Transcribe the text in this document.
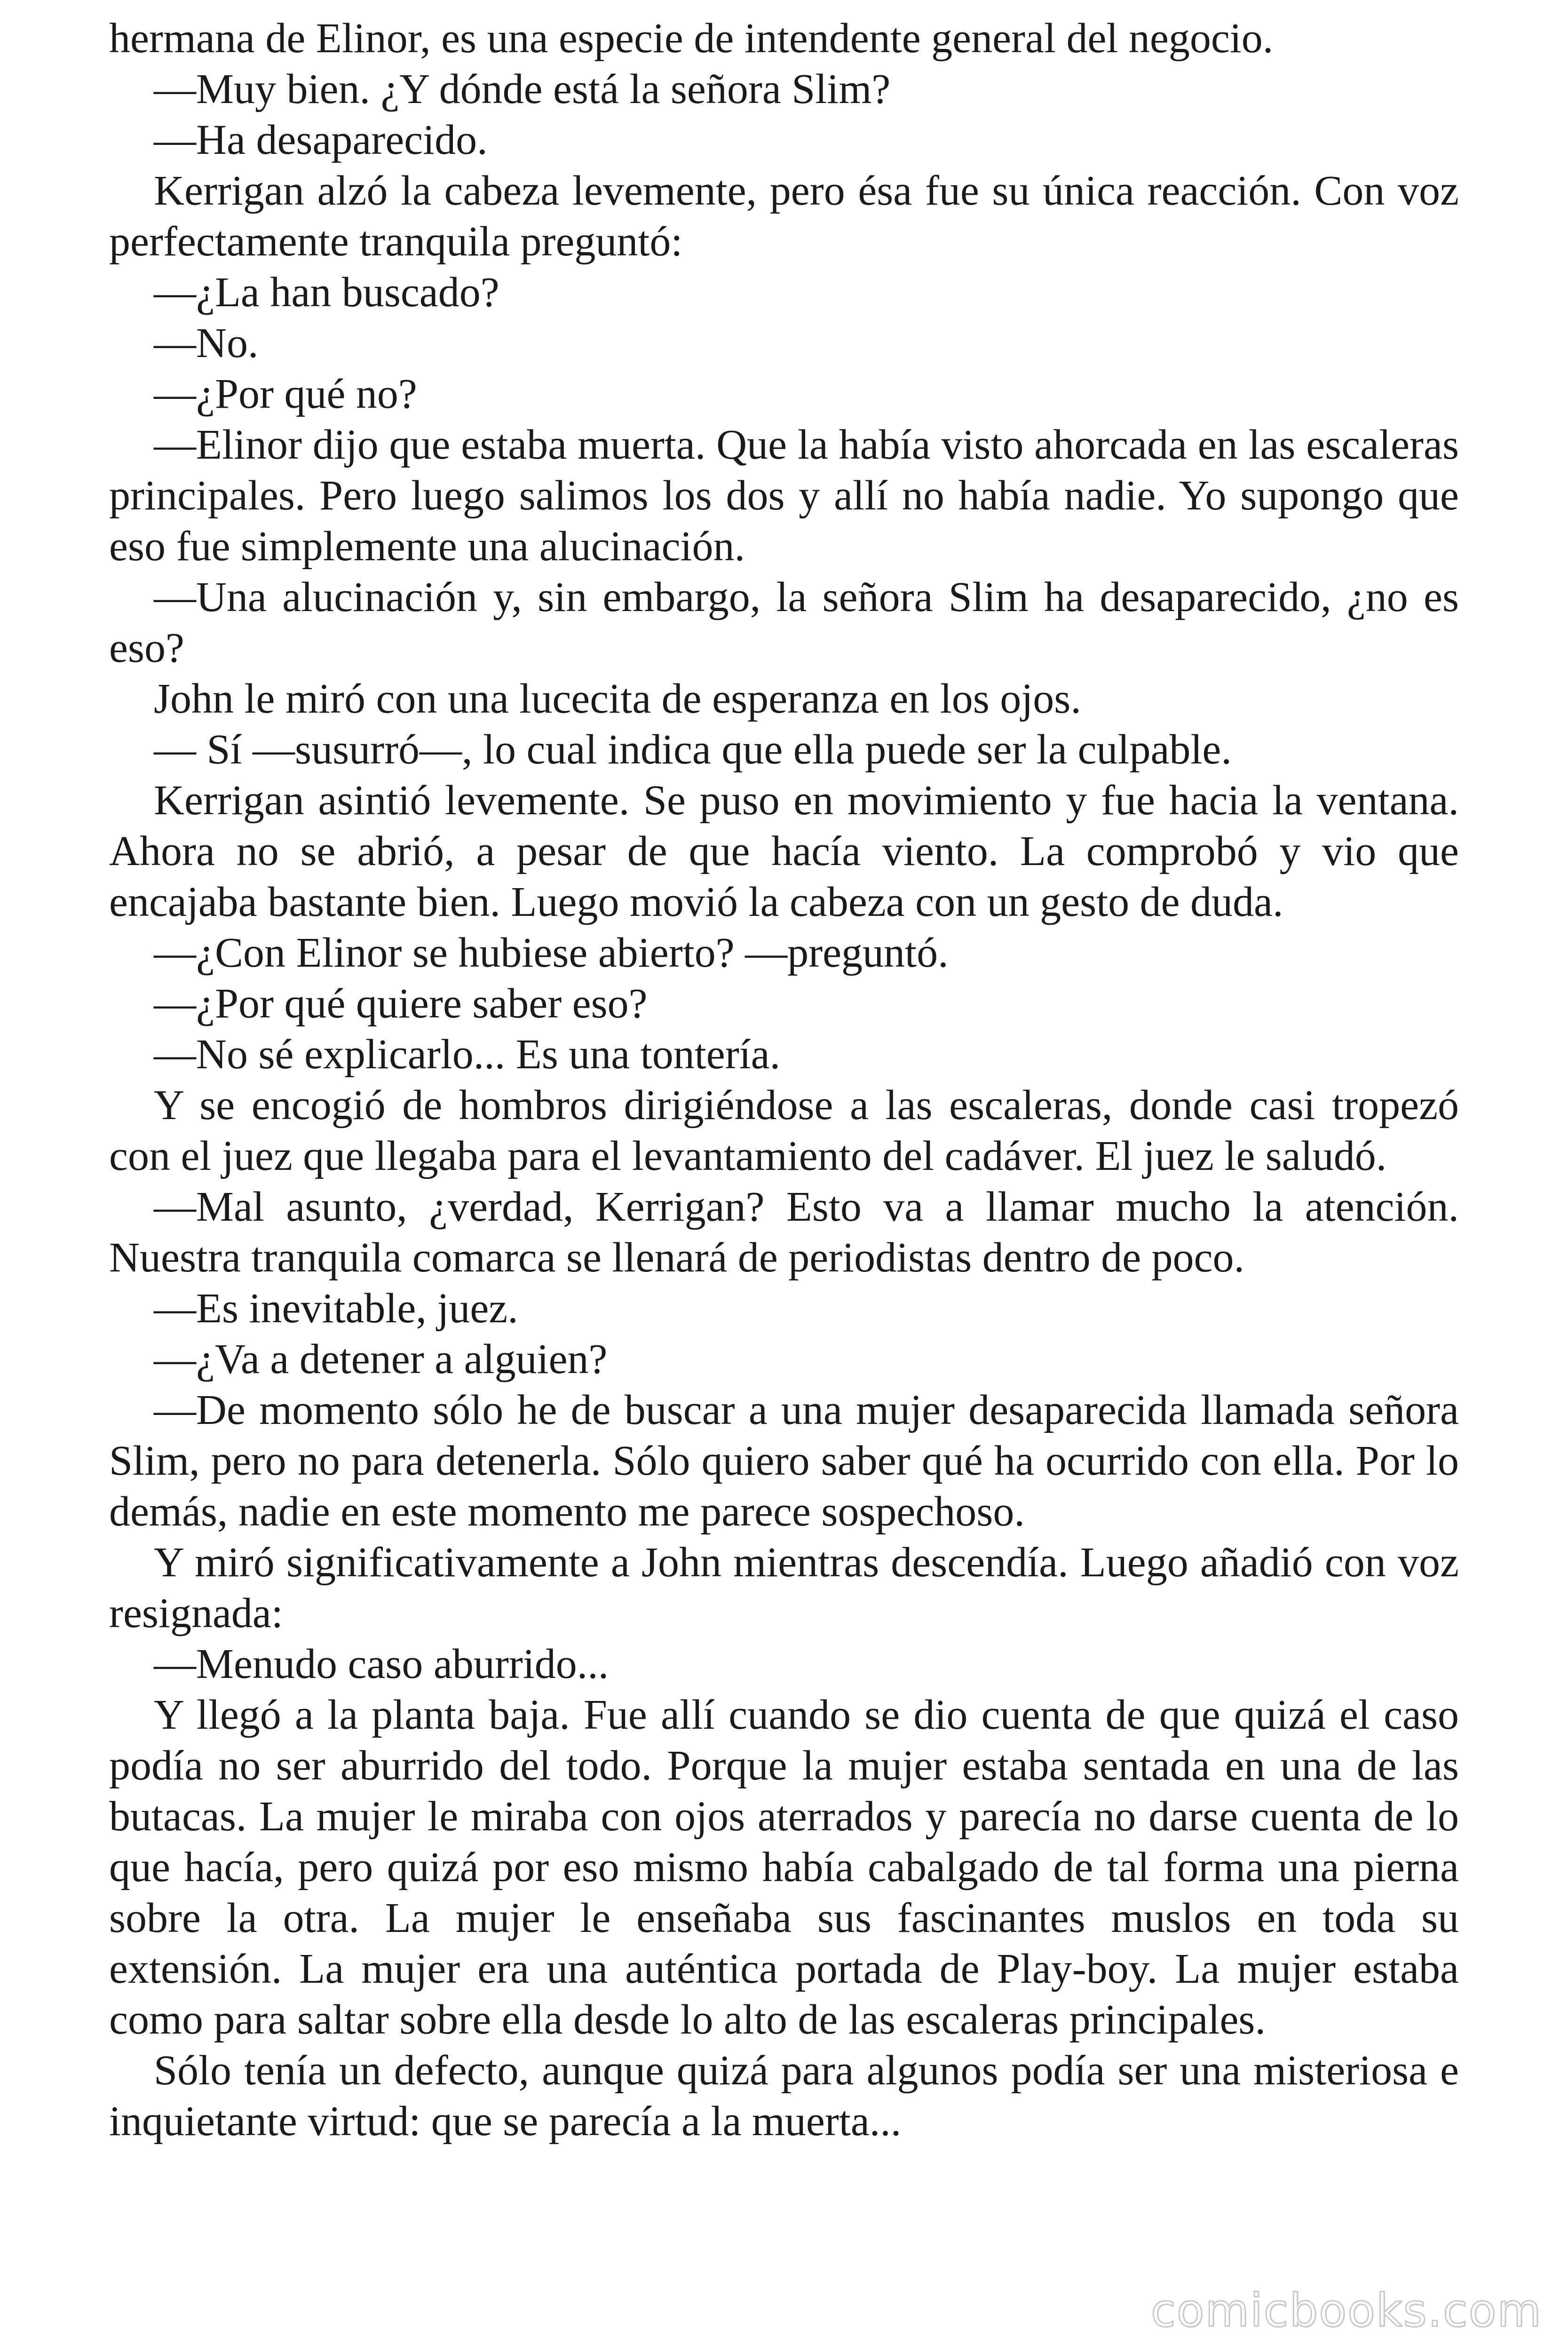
hermana de Elinor, es una especie de intendente general del negocio.

—Muy bien. ¿Y dónde está la señora Slim?

—Ha desaparecido.

Kerrigan alzó la cabeza levemente, pero ésa fue su única reacción. Con voz perfectamente tranquila preguntó:

—¿La han buscado?

—No.

—¿Por qué no?

—Elinor dijo que estaba muerta. Que la había visto ahorcada en las escaleras principales. Pero luego salimos los dos y allí no había nadie. Yo supongo que eso fue simplemente una alucinación.

—Una alucinación y, sin embargo, la señora Slim ha desaparecido, ¿no es eso?

John le miró con una lucecita de esperanza en los ojos.

— Sí —susurró—, lo cual indica que ella puede ser la culpable.

Kerrigan asintió levemente. Se puso en movimiento y fue hacia la ventana. Ahora no se abrió, a pesar de que hacía viento. La comprobó y vio que encajaba bastante bien. Luego movió la cabeza con un gesto de duda.

—¿Con Elinor se hubiese abierto? —preguntó.

—¿Por qué quiere saber eso?

—No sé explicarlo... Es una tontería.

Y se encogió de hombros dirigiéndose a las escaleras, donde casi tropezó con el juez que llegaba para el levantamiento del cadáver. El juez le saludó.

—Mal asunto, ¿verdad, Kerrigan? Esto va a llamar mucho la atención. Nuestra tranquila comarca se llenará de periodistas dentro de poco.

—Es inevitable, juez.

—¿Va a detener a alguien?

—De momento sólo he de buscar a una mujer desaparecida llamada señora Slim, pero no para detenerla. Sólo quiero saber qué ha ocurrido con ella. Por lo demás, nadie en este momento me parece sospechoso.

Y miró significativamente a John mientras descendía. Luego añadió con voz resignada:

—Menudo caso aburrido...

Y llegó a la planta baja. Fue allí cuando se dio cuenta de que quizá el caso podía no ser aburrido del todo. Porque la mujer estaba sentada en una de las butacas. La mujer le miraba con ojos aterrados y parecía no darse cuenta de lo que hacía, pero quizá por eso mismo había cabalgado de tal forma una pierna sobre la otra. La mujer le enseñaba sus fascinantes muslos en toda su extensión. La mujer era una auténtica portada de Play-boy. La mujer estaba como para saltar sobre ella desde lo alto de las escaleras principales.

Sólo tenía un defecto, aunque quizá para algunos podía ser una misteriosa e inquietante virtud: que se parecía a la muerta...

comicbooks.com
